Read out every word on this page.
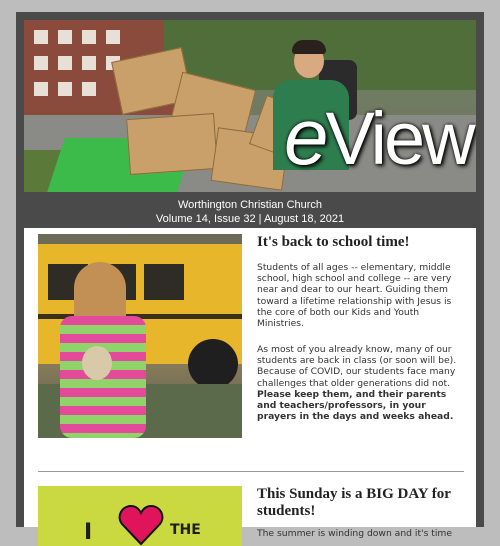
eView
Worthington Christian Church
Volume 14, Issue 32 | August 18, 2021
It's back to school time!
Students of all ages -- elementary, middle school, high school and college -- are very near and dear to our heart. Guiding them toward a lifetime relationship with Jesus is the core of both our Kids and Youth Ministries.
As most of you already know, many of our students are back in class (or soon will be). Because of COVID, our students face many challenges that older generations did not. Please keep them, and their parents and teachers/professors, in your prayers in the days and weeks ahead.
I	THE
This Sunday is a BIG DAY for students!
The summer is winding down and it's time
